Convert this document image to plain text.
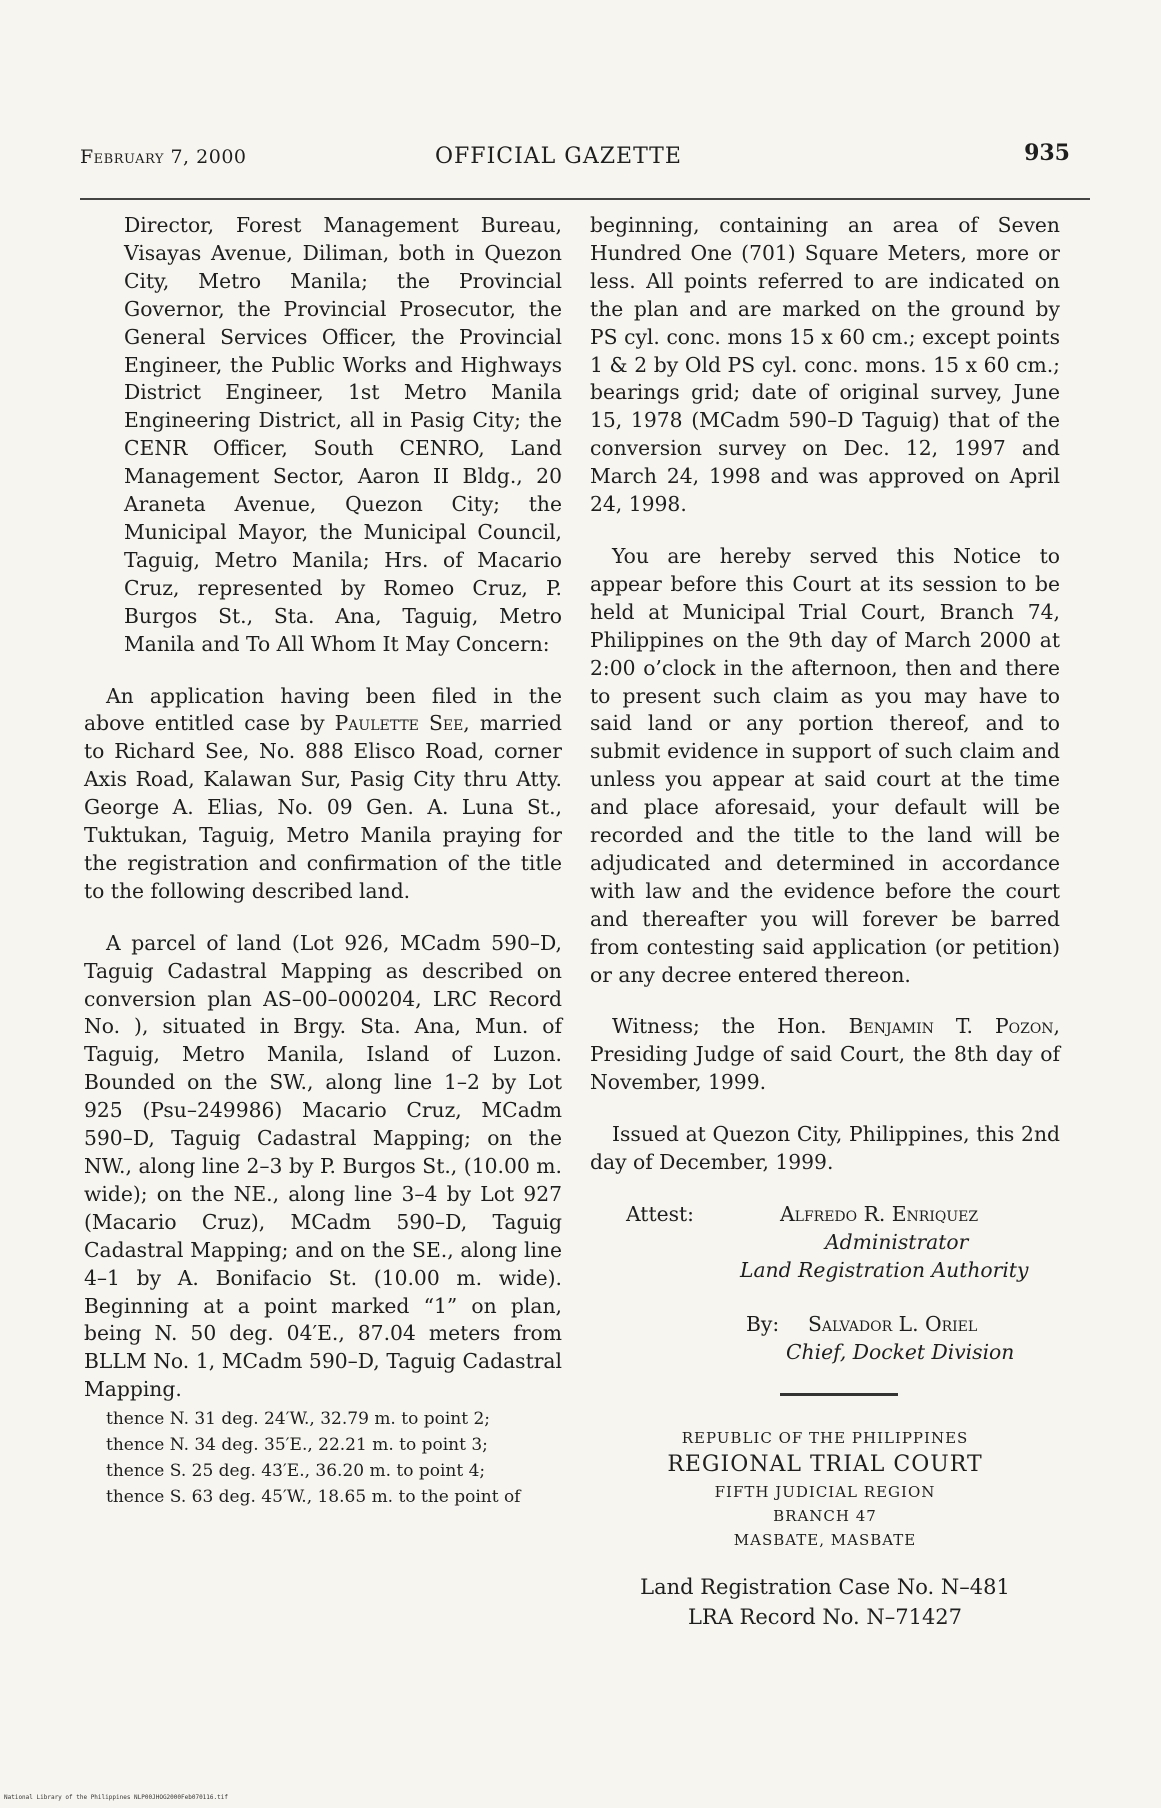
February 7, 2000	OFFICIAL GAZETTE	935

Director, Forest Management Bureau, Visayas Avenue, Diliman, both in Quezon City, Metro Manila; the Provincial Governor, the Provincial Prosecutor, the General Services Officer, the Provincial Engineer, the Public Works and Highways District Engineer, 1st Metro Manila Engineering District, all in Pasig City; the CENR Officer, South CENRO, Land Management Sector, Aaron II Bldg., 20 Araneta Avenue, Quezon City; the Municipal Mayor, the Municipal Council, Taguig, Metro Manila; Hrs. of Macario Cruz, represented by Romeo Cruz, P. Burgos St., Sta. Ana, Taguig, Metro Manila and To All Whom It May Concern:

An application having been filed in the above entitled case by Paulette See, married to Richard See, No. 888 Elisco Road, corner Axis Road, Kalawan Sur, Pasig City thru Atty. George A. Elias, No. 09 Gen. A. Luna St., Tuktukan, Taguig, Metro Manila praying for the registration and confirmation of the title to the following described land.

A parcel of land (Lot 926, MCadm 590–D, Taguig Cadastral Mapping as described on conversion plan AS–00–000204, LRC Record No. ), situated in Brgy. Sta. Ana, Mun. of Taguig, Metro Manila, Island of Luzon. Bounded on the SW., along line 1–2 by Lot 925 (Psu–249986) Macario Cruz, MCadm 590–D, Taguig Cadastral Mapping; on the NW., along line 2–3 by P. Burgos St., (10.00 m. wide); on the NE., along line 3–4 by Lot 927 (Macario Cruz), MCadm 590–D, Taguig Cadastral Mapping; and on the SE., along line 4–1 by A. Bonifacio St. (10.00 m. wide). Beginning at a point marked “1” on plan, being N. 50 deg. 04′E., 87.04 meters from BLLM No. 1, MCadm 590–D, Taguig Cadastral Mapping.

thence N. 31 deg. 24′W., 32.79 m. to point 2;
thence N. 34 deg. 35′E., 22.21 m. to point 3;
thence S. 25 deg. 43′E., 36.20 m. to point 4;
thence S. 63 deg. 45′W., 18.65 m. to the point of

beginning, containing an area of Seven Hundred One (701) Square Meters, more or less. All points referred to are indicated on the plan and are marked on the ground by PS cyl. conc. mons 15 x 60 cm.; except points 1 & 2 by Old PS cyl. conc. mons. 15 x 60 cm.; bearings grid; date of original survey, June 15, 1978 (MCadm 590–D Taguig) that of the conversion survey on Dec. 12, 1997 and March 24, 1998 and was approved on April 24, 1998.

You are hereby served this Notice to appear before this Court at its session to be held at Municipal Trial Court, Branch 74, Philippines on the 9th day of March 2000 at 2:00 o’clock in the afternoon, then and there to present such claim as you may have to said land or any portion thereof, and to submit evidence in support of such claim and unless you appear at said court at the time and place aforesaid, your default will be recorded and the title to the land will be adjudicated and determined in accordance with law and the evidence before the court and thereafter you will forever be barred from contesting said application (or petition) or any decree entered thereon.

Witness; the Hon. Benjamin T. Pozon, Presiding Judge of said Court, the 8th day of November, 1999.

Issued at Quezon City, Philippines, this 2nd day of December, 1999.

Attest:	Alfredo R. Enriquez
Administrator
Land Registration Authority
By: Salvador L. Oriel
Chief, Docket Division

REPUBLIC OF THE PHILIPPINES

REGIONAL TRIAL COURT

FIFTH JUDICIAL REGION

BRANCH 47

MASBATE, MASBATE

Land Registration Case No. N–481

LRA Record No. N–71427

National Library of the Philippines NLP00JHOG2000Feb070116.tif
